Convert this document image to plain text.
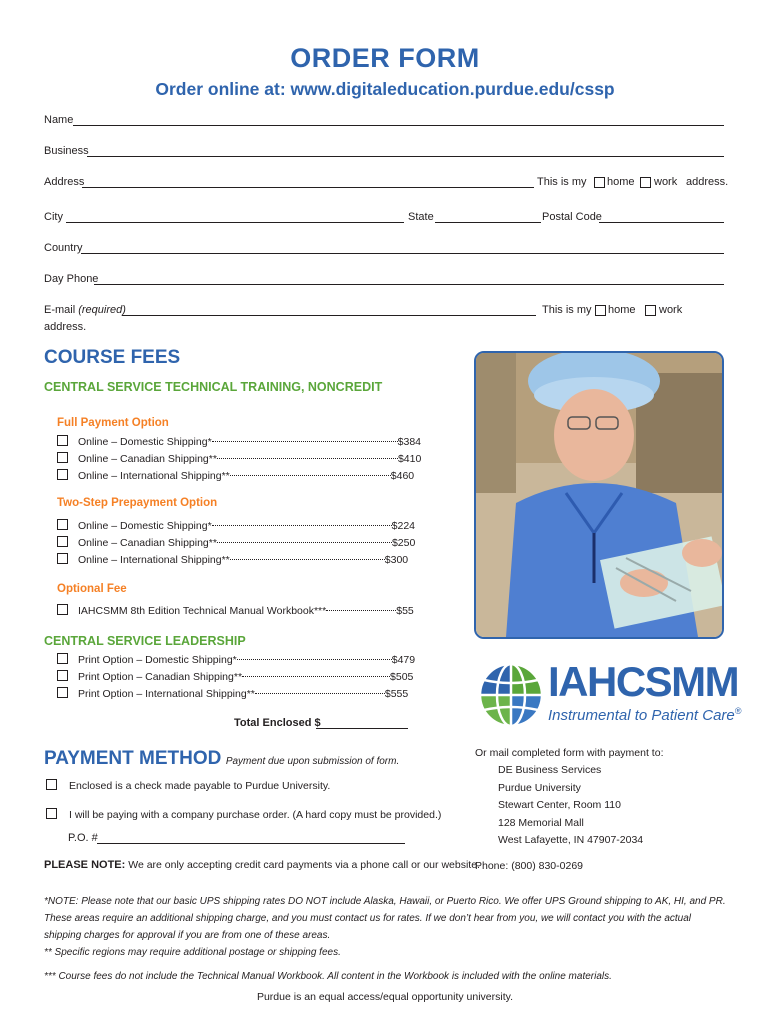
ORDER FORM
Order online at: www.digitaleducation.purdue.edu/cssp
Name
Business
Address	This is my home work address.
City	State	Postal Code
Country
Day Phone
E-mail (required)	This is my home work
address.
COURSE FEES
CENTRAL SERVICE TECHNICAL TRAINING, NONCREDIT
Full Payment Option
Online – Domestic Shipping*	$384
Online – Canadian Shipping**	$410
Online – International Shipping**	$460
Two-Step Prepayment Option
Online – Domestic Shipping*	$224
Online – Canadian Shipping**	$250
Online – International Shipping**	$300
Optional Fee
IAHCSMM 8th Edition Technical Manual Workbook***	$55
CENTRAL SERVICE LEADERSHIP
Print Option – Domestic Shipping*	$479
Print Option – Canadian Shipping**	$505
Print Option – International Shipping**	$555
Total Enclosed $
IAHCSMM
Instrumental to Patient Care®
PAYMENT METHOD Payment due upon submission of form.
Enclosed is a check made payable to Purdue University.
I will be paying with a company purchase order. (A hard copy must be provided.)
P.O. #
PLEASE NOTE: We are only accepting credit card payments via a phone call or our website.
Or mail completed form with payment to:
DE Business Services
Purdue University
Stewart Center, Room 110
128 Memorial Mall
West Lafayette, IN 47907-2034
Phone: (800) 830-0269
*NOTE: Please note that our basic UPS shipping rates DO NOT include Alaska, Hawaii, or Puerto Rico. We offer UPS Ground shipping to AK, HI, and PR. These areas require an additional shipping charge, and you must contact us for rates. If we don’t hear from you, we will contact you with the actual shipping charges for approval if you are from one of these areas.
** Specific regions may require additional postage or shipping fees.
*** Course fees do not include the Technical Manual Workbook. All content in the Workbook is included with the online materials.
Purdue is an equal access/equal opportunity university.
